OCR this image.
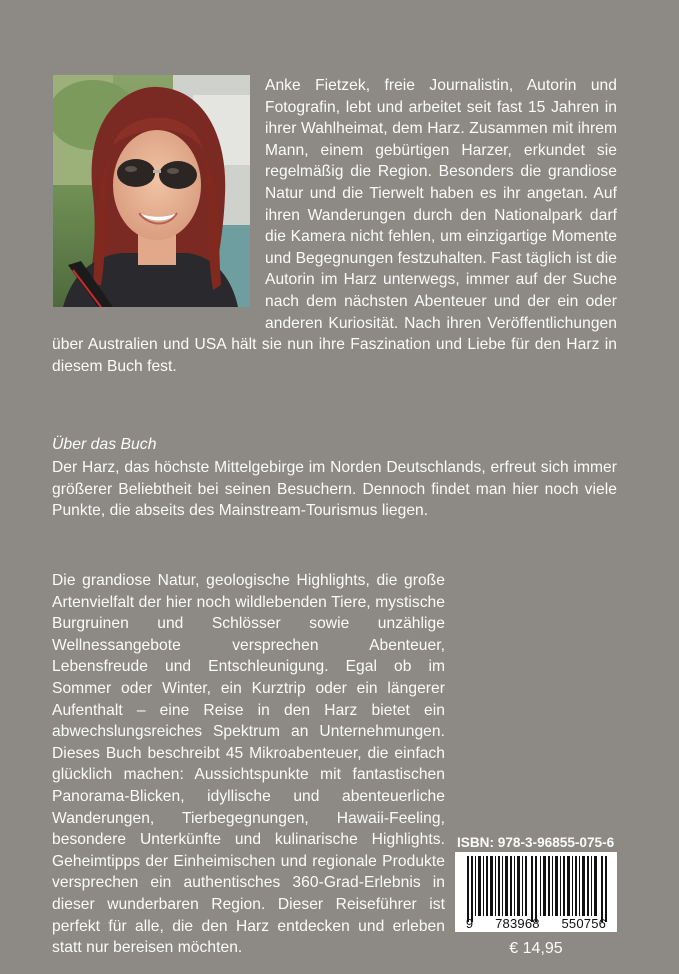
Anke Fietzek, freie Journalistin, Autorin und Fotografin, lebt und arbeitet seit fast 15 Jahren in ihrer Wahlheimat, dem Harz. Zusammen mit ihrem Mann, einem gebürtigen Harzer, erkundet sie regelmäßig die Region. Besonders die grandiose Natur und die Tierwelt haben es ihr angetan. Auf ihren Wanderungen durch den Nationalpark darf die Kamera nicht fehlen, um einzigartige Momente und Begegnungen festzuhalten. Fast täglich ist die Autorin im Harz unterwegs, immer auf der Suche nach dem nächsten Abenteuer und der ein oder anderen Kuriosität. Nach ihren Veröffentlichungen über Australien und USA hält sie nun ihre Faszination und Liebe für den Harz in diesem Buch fest.
Über das Buch
Der Harz, das höchste Mittelgebirge im Norden Deutschlands, erfreut sich immer größerer Beliebtheit bei seinen Besuchern. Dennoch findet man hier noch viele Punkte, die abseits des Mainstream-Tourismus liegen.
Die grandiose Natur, geologische Highlights, die große Artenvielfalt der hier noch wildlebenden Tiere, mystische Burgruinen und Schlösser sowie unzählige Wellnessangebote versprechen Abenteuer, Lebensfreude und Entschleunigung. Egal ob im Sommer oder Winter, ein Kurztrip oder ein längerer Aufenthalt – eine Reise in den Harz bietet ein abwechslungsreiches Spektrum an Unternehmungen. Dieses Buch beschreibt 45 Mikroabenteuer, die einfach glücklich machen: Aussichtspunkte mit fantastischen Panorama-Blicken, idyllische und abenteuerliche Wanderungen, Tierbegegnungen, Hawaii-Feeling, besondere Unterkünfte und kulinarische Highlights. Geheimtipps der Einheimischen und regionale Produkte versprechen ein authentisches 360-Grad-Erlebnis in dieser wunderbaren Region. Dieser Reiseführer ist perfekt für alle, die den Harz entdecken und erleben statt nur bereisen möchten.
ISBN: 978-3-96855-075-6
9 783968 550756
€ 14,95
